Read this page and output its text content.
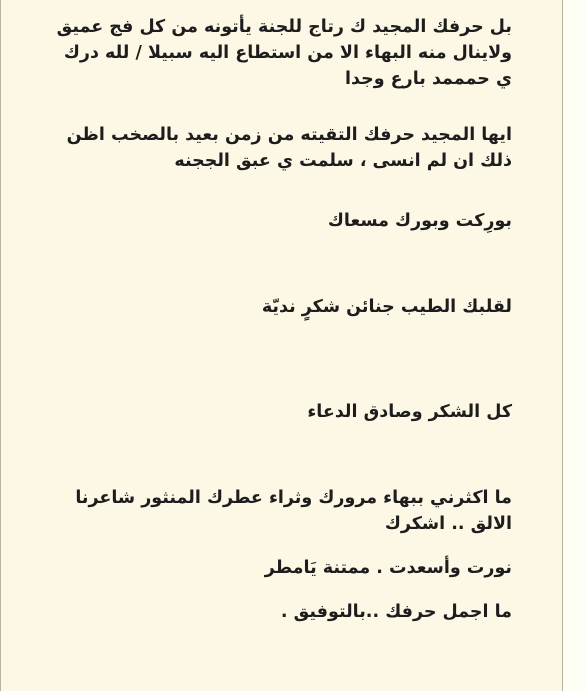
بل حرفك المجيد ك رتاج للجنة يأتونه من كل فج عميق
ولاينال منه البهاء الا من استطاع اليه سبيلا / لله درك
ي حمممد بارع وجدا

ايها المجيد حرفك التقيته من زمن بعيد بالصخب اظن
ذلك ان لم انسى ، سلمت ي عبق الججنه

بورِكت وبورك مسعاك

لقلبك الطيب جنائن شكرٍ نديّة

كل الشكر وصادق الدعاء

ما اكثرني ببهاء مرورك وثراء عطرك المنثور شاعرنا
الالق .. اشكرك

نورت وأسعدت . ممتنة يَامطر

ما اجمل حرفك ..بالتوفيق .
